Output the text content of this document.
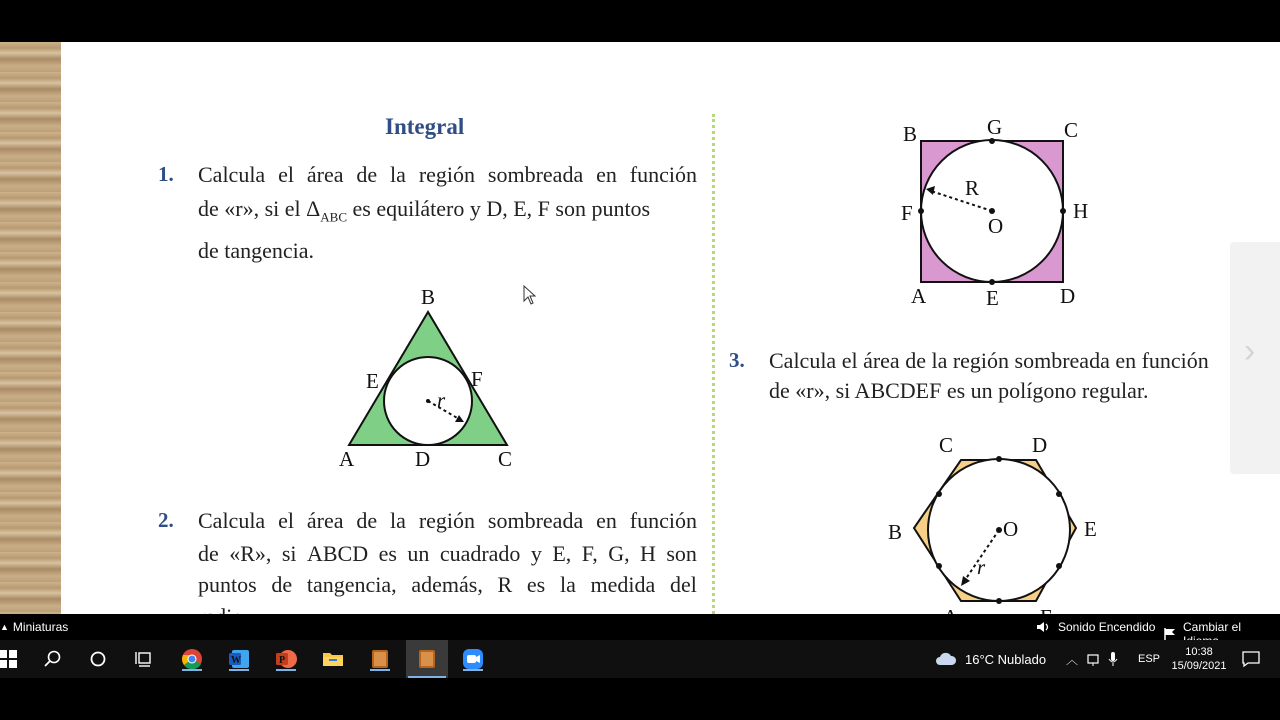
Integral
1. Calcula el área de la región sombreada en función
de «r», si el $\Delta_{ABC}$ es equilátero y D, E, F son puntos
de tangencia.
B
E	F
A	D	C
r
2. Calcula el área de la región sombreada en función
de «R», si ABCD es un cuadrado y E, F, G, H son
puntos de tangencia, además, R es la medida del
B	G	C
F	H
R
O
A	E	D
3. Calcula el área de la región sombreada en función
de «r», si ABCDEF es un polígono regular.
C	D
B	E
O
r
›
▲ Miniaturas	Sonido Encendido Cambiar el
W	P	16°C Nublado ︿	ESP
10:38
15/09/2021
